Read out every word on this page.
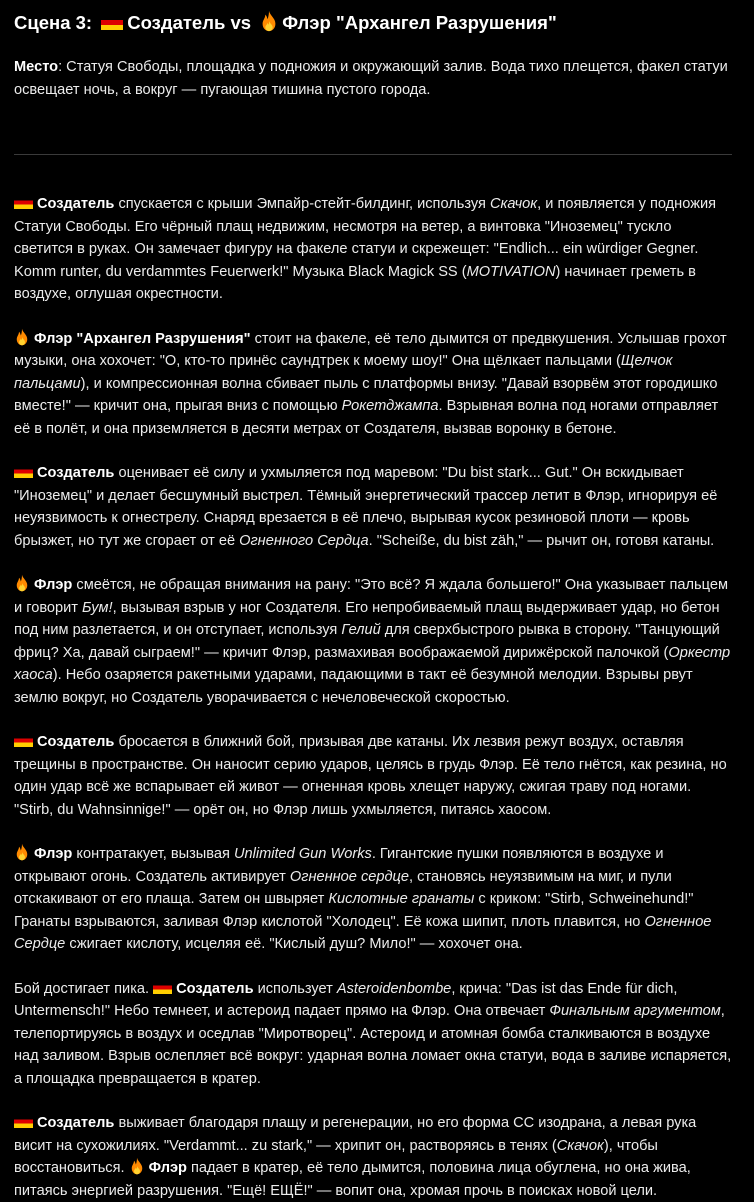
Сцена 3: Создатель vs Флэр "Архангел Разрушения"

Место: Статуя Свободы, площадка у подножия и окружающий залив. Вода тихо плещется, факел статуи освещает ночь, а вокруг — пугающая тишина пустого города.

Создатель спускается с крыши Эмпайр-стейт-билдинг, используя Скачок, и появляется у подножия Статуи Свободы. Его чёрный плащ недвижим, несмотря на ветер, а винтовка "Иноземец" тускло светится в руках. Он замечает фигуру на факеле статуи и скрежещет: "Endlich... ein würdiger Gegner. Komm runter, du verdammtes Feuerwerk!" Музыка Black Magick SS (MOTIVATION) начинает греметь в воздухе, оглушая окрестности.

Флэр "Архангел Разрушения" стоит на факеле, её тело дымится от предвкушения. Услышав грохот музыки, она хохочет: "О, кто-то принёс саундтрек к моему шоу!" Она щёлкает пальцами (Щелчок пальцами), и компрессионная волна сбивает пыль с платформы внизу. "Давай взорвём этот городишко вместе!" — кричит она, прыгая вниз с помощью Рокетджампа. Взрывная волна под ногами отправляет её в полёт, и она приземляется в десяти метрах от Создателя, вызвав воронку в бетоне.

Создатель оценивает её силу и ухмыляется под маревом: "Du bist stark... Gut." Он вскидывает "Иноземец" и делает бесшумный выстрел. Тёмный энергетический трассер летит в Флэр, игнорируя её неуязвимость к огнестрелу. Снаряд врезается в её плечо, вырывая кусок резиновой плоти — кровь брызжет, но тут же сгорает от её Огненного Сердца. "Scheiße, du bist zäh," — рычит он, готовя катаны.

Флэр смеётся, не обращая внимания на рану: "Это всё? Я ждала большего!" Она указывает пальцем и говорит Бум!, вызывая взрыв у ног Создателя. Его непробиваемый плащ выдерживает удар, но бетон под ним разлетается, и он отступает, используя Гелий для сверхбыстрого рывка в сторону. "Танцующий фриц? Ха, давай сыграем!" — кричит Флэр, размахивая воображаемой дирижёрской палочкой (Оркестр хаоса). Небо озаряется ракетными ударами, падающими в такт её безумной мелодии. Взрывы рвут землю вокруг, но Создатель уворачивается с нечеловеческой скоростью.

Создатель бросается в ближний бой, призывая две катаны. Их лезвия режут воздух, оставляя трещины в пространстве. Он наносит серию ударов, целясь в грудь Флэр. Её тело гнётся, как резина, но один удар всё же вспарывает ей живот — огненная кровь хлещет наружу, сжигая траву под ногами. "Stirb, du Wahnsinnige!" — орёт он, но Флэр лишь ухмыляется, питаясь хаосом.

Флэр контратакует, вызывая Unlimited Gun Works. Гигантские пушки появляются в воздухе и открывают огонь. Создатель активирует Огненное сердце, становясь неуязвимым на миг, и пули отскакивают от его плаща. Затем он швыряет Кислотные гранаты с криком: "Stirb, Schweinehund!" Гранаты взрываются, заливая Флэр кислотой "Холодец". Её кожа шипит, плоть плавится, но Огненное Сердце сжигает кислоту, исцеляя её. "Кислый душ? Мило!" — хохочет она.

Бой достигает пика. Создатель использует Asteroidenbombe, крича: "Das ist das Ende für dich, Untermensch!" Небо темнеет, и астероид падает прямо на Флэр. Она отвечает Финальным аргументом, телепортируясь в воздух и оседлав "Миротворец". Астероид и атомная бомба сталкиваются в воздухе над заливом. Взрыв ослепляет всё вокруг: ударная волна ломает окна статуи, вода в заливе испаряется, а площадка превращается в кратер.

Создатель выживает благодаря плащу и регенерации, но его форма СС изодрана, а левая рука висит на сухожилиях. "Verdammt... zu stark," — хрипит он, растворяясь в тенях (Скачок), чтобы восстановиться. Флэр падает в кратер, её тело дымится, половина лица обуглена, но она жива, питаясь энергией разрушения. "Ещё! ЕЩЁ!" — вопит она, хромая прочь в поисках новой цели.
